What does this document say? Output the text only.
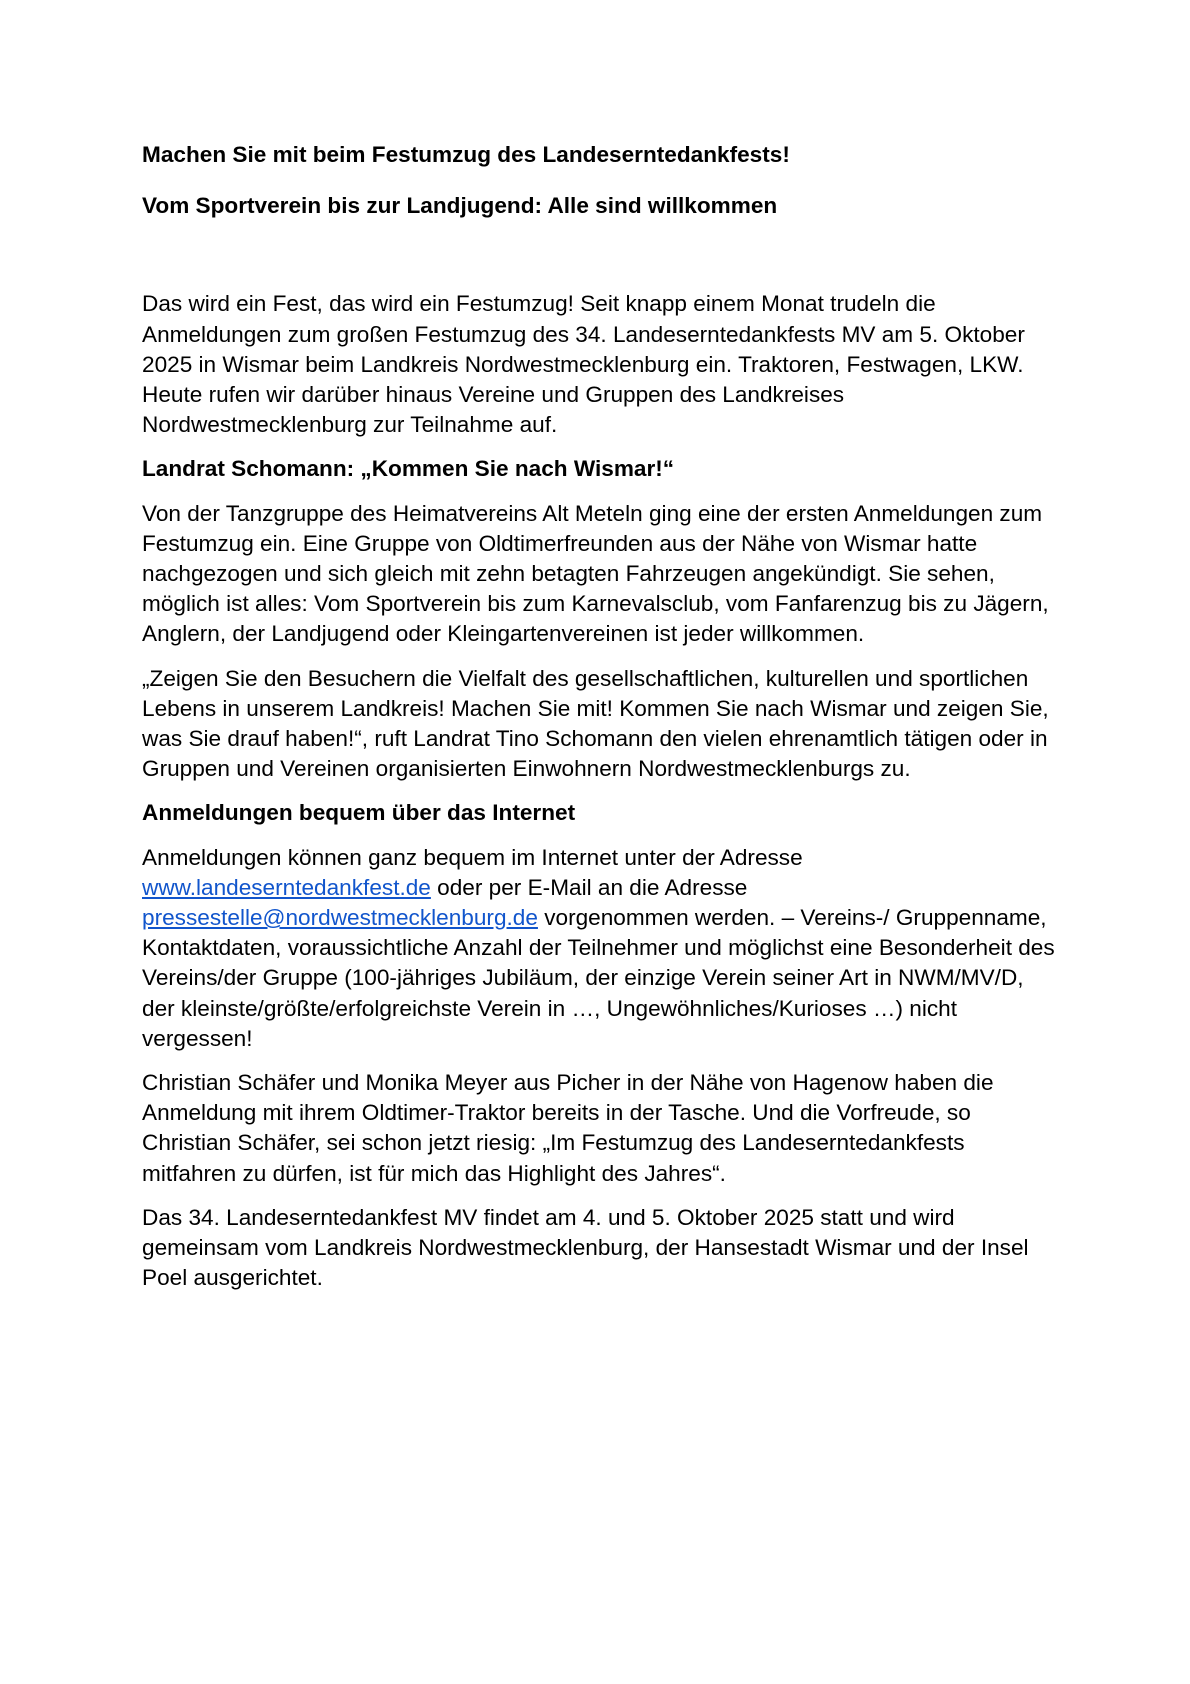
Machen Sie mit beim Festumzug des Landeserntedankfests!

Vom Sportverein bis zur Landjugend: Alle sind willkommen

Das wird ein Fest, das wird ein Festumzug! Seit knapp einem Monat trudeln die Anmeldungen zum großen Festumzug des 34. Landeserntedankfests MV am 5. Oktober 2025 in Wismar beim Landkreis Nordwestmecklenburg ein. Traktoren, Festwagen, LKW. Heute rufen wir darüber hinaus Vereine und Gruppen des Landkreises Nordwestmecklenburg zur Teilnahme auf.

Landrat Schomann: „Kommen Sie nach Wismar!“

Von der Tanzgruppe des Heimatvereins Alt Meteln ging eine der ersten Anmeldungen zum Festumzug ein. Eine Gruppe von Oldtimerfreunden aus der Nähe von Wismar hatte nachgezogen und sich gleich mit zehn betagten Fahrzeugen angekündigt. Sie sehen, möglich ist alles: Vom Sportverein bis zum Karnevalsclub, vom Fanfarenzug bis zu Jägern, Anglern, der Landjugend oder Kleingartenvereinen ist jeder willkommen.

„Zeigen Sie den Besuchern die Vielfalt des gesellschaftlichen, kulturellen und sportlichen Lebens in unserem Landkreis! Machen Sie mit! Kommen Sie nach Wismar und zeigen Sie, was Sie drauf haben!“, ruft Landrat Tino Schomann den vielen ehrenamtlich tätigen oder in Gruppen und Vereinen organisierten Einwohnern Nordwestmecklenburgs zu.

Anmeldungen bequem über das Internet

Anmeldungen können ganz bequem im Internet unter der Adresse www.landeserntedankfest.de oder per E-Mail an die Adresse pressestelle@nordwestmecklenburg.de vorgenommen werden. – Vereins-/ Gruppenname, Kontaktdaten, voraussichtliche Anzahl der Teilnehmer und möglichst eine Besonderheit des Vereins/der Gruppe (100-jähriges Jubiläum, der einzige Verein seiner Art in NWM/MV/D, der kleinste/größte/erfolgreichste Verein in …, Ungewöhnliches/Kurioses …) nicht vergessen!

Christian Schäfer und Monika Meyer aus Picher in der Nähe von Hagenow haben die Anmeldung mit ihrem Oldtimer-Traktor bereits in der Tasche. Und die Vorfreude, so Christian Schäfer, sei schon jetzt riesig: „Im Festumzug des Landeserntedankfests mitfahren zu dürfen, ist für mich das Highlight des Jahres“.

Das 34. Landeserntedankfest MV findet am 4. und 5. Oktober 2025 statt und wird gemeinsam vom Landkreis Nordwestmecklenburg, der Hansestadt Wismar und der Insel Poel ausgerichtet.
